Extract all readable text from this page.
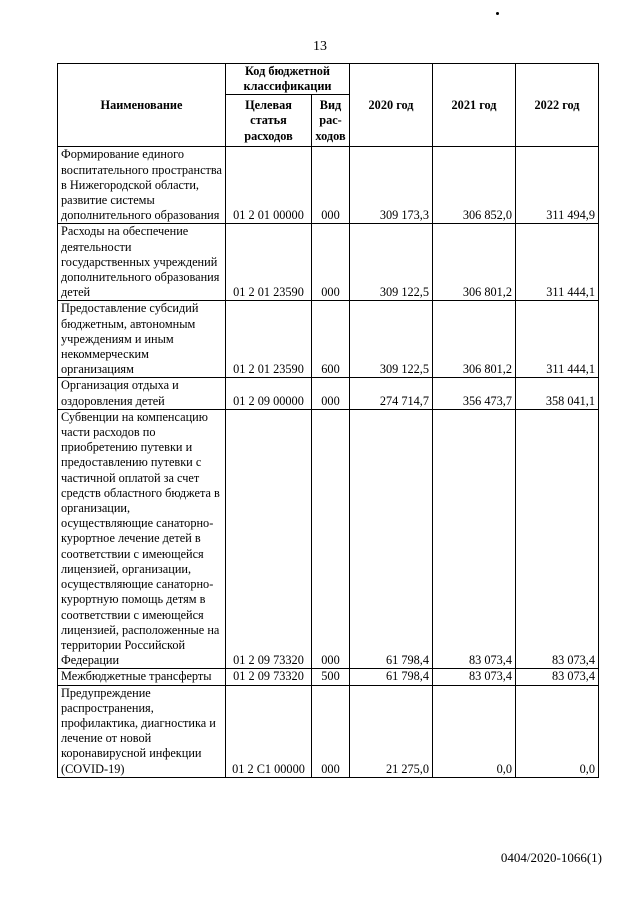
13
Наименование	Код бюджетной классификации		2020 год	2021 год	2022 год
	Целевая статья расходов	Вид рас-ходов			
Формирование единого воспитательного пространства в Нижегородской области, развитие системы дополнительного образования	01 2 01 00000	000	309 173,3	306 852,0	311 494,9
Расходы на обеспечение деятельности государственных учреждений дополнительного образования детей	01 2 01 23590	000	309 122,5	306 801,2	311 444,1
Предоставление субсидий бюджетным, автономным учреждениям и иным некоммерческим организациям	01 2 01 23590	600	309 122,5	306 801,2	311 444,1
Организация отдыха и оздоровления детей	01 2 09 00000	000	274 714,7	356 473,7	358 041,1
Субвенции на компенсацию части расходов по приобретению путевки и предоставлению путевки с частичной оплатой за счет средств областного бюджета в организации, осуществляющие санаторно-курортное лечение детей в соответствии с имеющейся лицензией, организации, осуществляющие санаторно-курортную помощь детям в соответствии с имеющейся лицензией, расположенные на территории Российской Федерации	01 2 09 73320	000	61 798,4	83 073,4	83 073,4
Межбюджетные трансферты	01 2 09 73320	500	61 798,4	83 073,4	83 073,4
Предупреждение распространения, профилактика, диагностика и лечение от новой коронавирусной инфекции (COVID-19)	01 2 C1 00000	000	21 275,0	0,0	0,0
0404/2020-1066(1)
